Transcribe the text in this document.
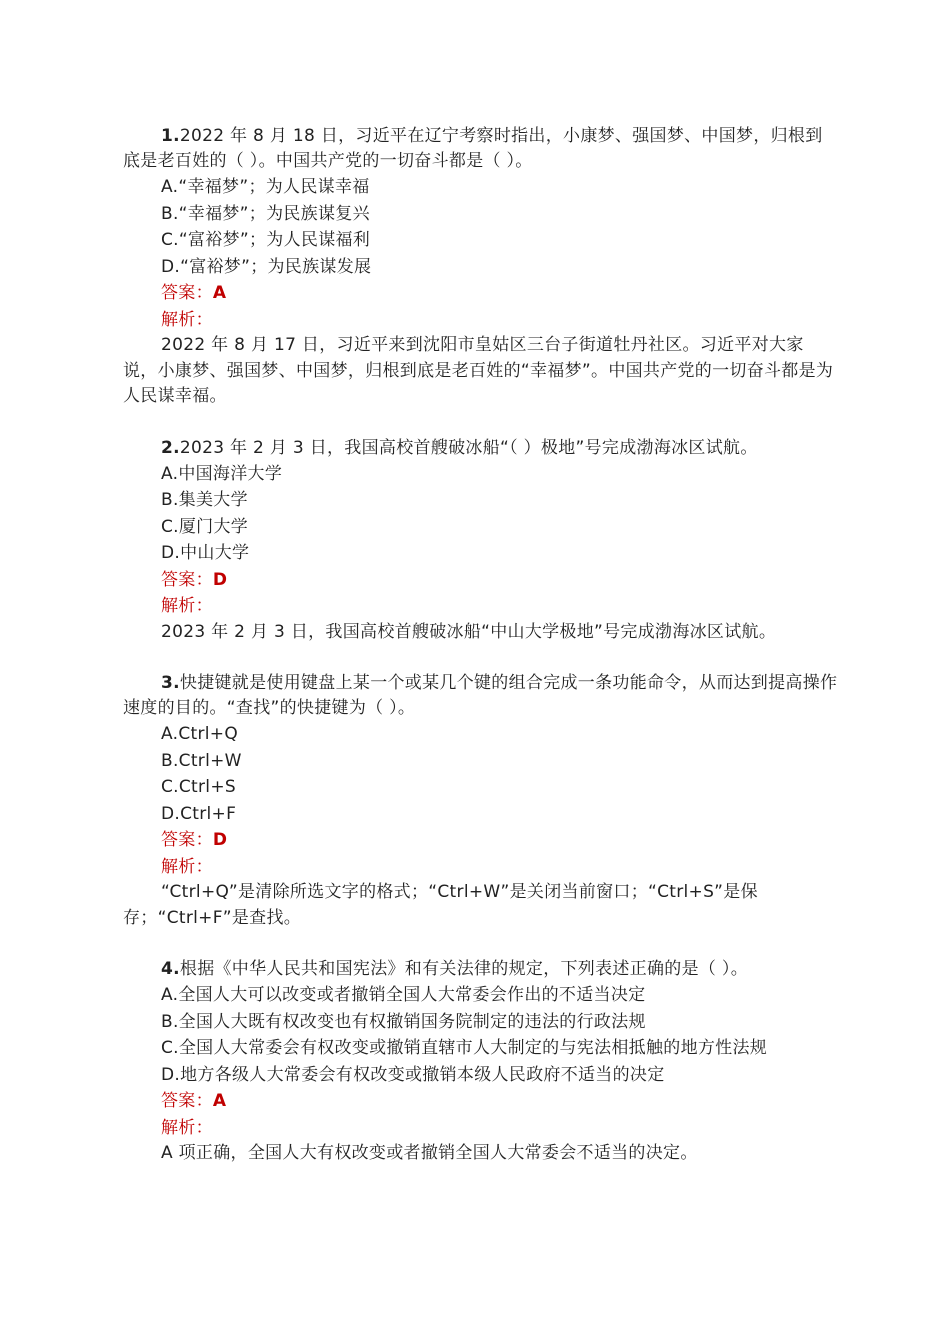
1.2022 年 8 月 18 日，习近平在辽宁考察时指出，小康梦、强国梦、中国梦，归根到底是老百姓的（ ）。中国共产党的一切奋斗都是（ ）。
A.“幸福梦”；为人民谋幸福
B.“幸福梦”；为民族谋复兴
C.“富裕梦”；为人民谋福利
D.“富裕梦”；为民族谋发展
答案：A
解析：
2022 年 8 月 17 日，习近平来到沈阳市皇姑区三台子街道牡丹社区。习近平对大家说，小康梦、强国梦、中国梦，归根到底是老百姓的“幸福梦”。中国共产党的一切奋斗都是为人民谋幸福。
2.2023 年 2 月 3 日，我国高校首艘破冰船“（ ）极地”号完成渤海冰区试航。
A.中国海洋大学
B.集美大学
C.厦门大学
D.中山大学
答案：D
解析：
2023 年 2 月 3 日，我国高校首艘破冰船“中山大学极地”号完成渤海冰区试航。
3.快捷键就是使用键盘上某一个或某几个键的组合完成一条功能命令，从而达到提高操作速度的目的。“查找”的快捷键为（ ）。
A.Ctrl+Q
B.Ctrl+W
C.Ctrl+S
D.Ctrl+F
答案：D
解析：
“Ctrl+Q”是清除所选文字的格式；“Ctrl+W”是关闭当前窗口；“Ctrl+S”是保存；“Ctrl+F”是查找。
4.根据《中华人民共和国宪法》和有关法律的规定，下列表述正确的是（ ）。
A.全国人大可以改变或者撤销全国人大常委会作出的不适当决定
B.全国人大既有权改变也有权撤销国务院制定的违法的行政法规
C.全国人大常委会有权改变或撤销直辖市人大制定的与宪法相抵触的地方性法规
D.地方各级人大常委会有权改变或撤销本级人民政府不适当的决定
答案：A
解析：
A 项正确，全国人大有权改变或者撤销全国人大常委会不适当的决定。
